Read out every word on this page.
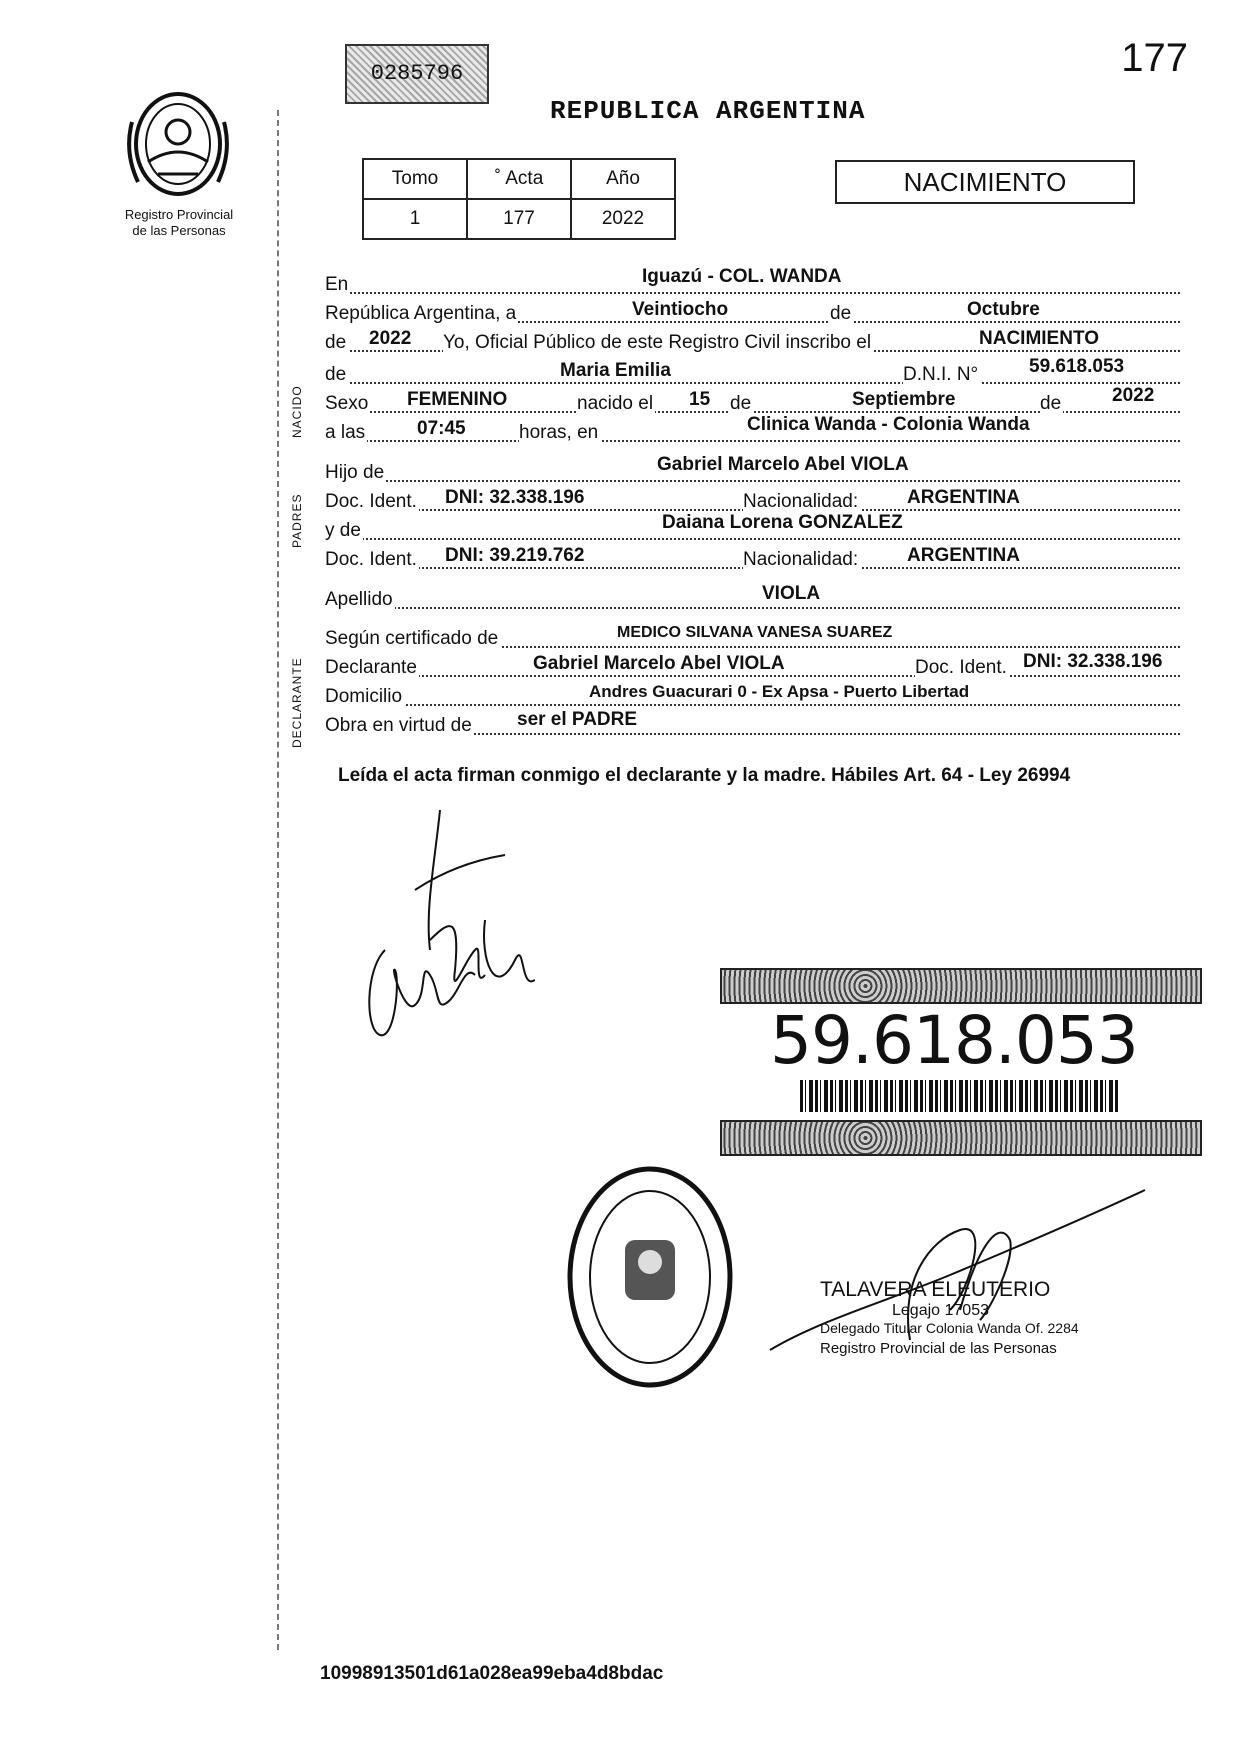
177
0285796
REPUBLICA ARGENTINA
Registro Provincial
de las Personas
Tomo	˚ Acta	Año
1	177	2022
NACIMIENTO
NACIDO
PADRES
DECLARANTE
En	Iguazú - COL. WANDA
República Argentina, a	Veintiocho	de	Octubre
de 2022 Yo, Oficial Público de este Registro Civil inscribo el	NACIMIENTO
de	Maria Emilia	D.N.I. N°	59.618.053
Sexo FEMENINO	nacido el 15 de	Septiembre	de	2022
a las	07:45	horas, en	Clinica Wanda - Colonia Wanda
Hijo de	Gabriel Marcelo Abel VIOLA
Doc. Ident. DNI: 32.338.196	Nacionalidad:	ARGENTINA
y de	Daiana Lorena GONZALEZ
Doc. Ident. DNI: 39.219.762	Nacionalidad:	ARGENTINA
Apellido	VIOLA
Según certificado de	MEDICO SILVANA VANESA SUAREZ
Declarante	Gabriel Marcelo Abel VIOLA	Doc. Ident. DNI: 32.338.196
Domicilio	Andres Guacurari 0 - Ex Apsa - Puerto Libertad
Obra en virtud de ser el PADRE
Leída el acta firman conmigo el declarante y la madre. Hábiles Art. 64 - Ley 26994
59.618.053
TALAVERA ELEUTERIO
Legajo 17053
Delegado Titular Colonia Wanda Of. 2284
Registro Provincial de las Personas
10998913501d61a028ea99eba4d8bdac
